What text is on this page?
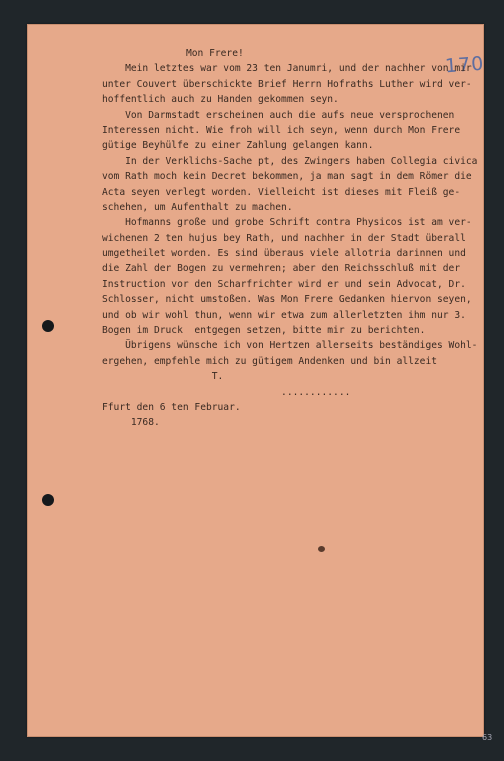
170
Mon Frere!
Mein letztes war vom 23 ten Janumri, und der nachher von mir
unter Couvert überschickte Brief Herrn Hofraths Luther wird ver-
hoffentlich auch zu Handen gekommen seyn.
Von Darmstadt erscheinen auch die aufs neue versprochenen
Interessen nicht. Wie froh will ich seyn, wenn durch Mon Frere
gütige Beyhülfe zu einer Zahlung gelangen kann.
In der Verklichs-Sache pt, des Zwingers haben Collegia civica
vom Rath moch kein Decret bekommen, ja man sagt in dem Römer die
Acta seyen verlegt worden. Vielleicht ist dieses mit Fleiß ge-
schehen, um Aufenthalt zu machen.
Hofmanns große und grobe Schrift contra Physicos ist am ver-
wichenen 2 ten hujus bey Rath, und nachher in der Stadt überall
umgetheilet worden. Es sind überaus viele allotria darinnen und
die Zahl der Bogen zu vermehren; aber den Reichsschluß mit der
Instruction vor den Scharfrichter wird er und sein Advocat, Dr.
Schlosser, nicht umstoßen. Was Mon Frere Gedanken hiervon seyen,
und ob wir wohl thun, wenn wir etwa zum allerletzten ihm nur 3.
Bogen im Druck  entgegen setzen, bitte mir zu berichten.
Übrigens wünsche ich von Hertzen allerseits beständiges Wohl-
ergehen, empfehle mich zu gütigem Andenken und bin allzeit
T.
............
Ffurt den 6 ten Februar.
1768.
63
